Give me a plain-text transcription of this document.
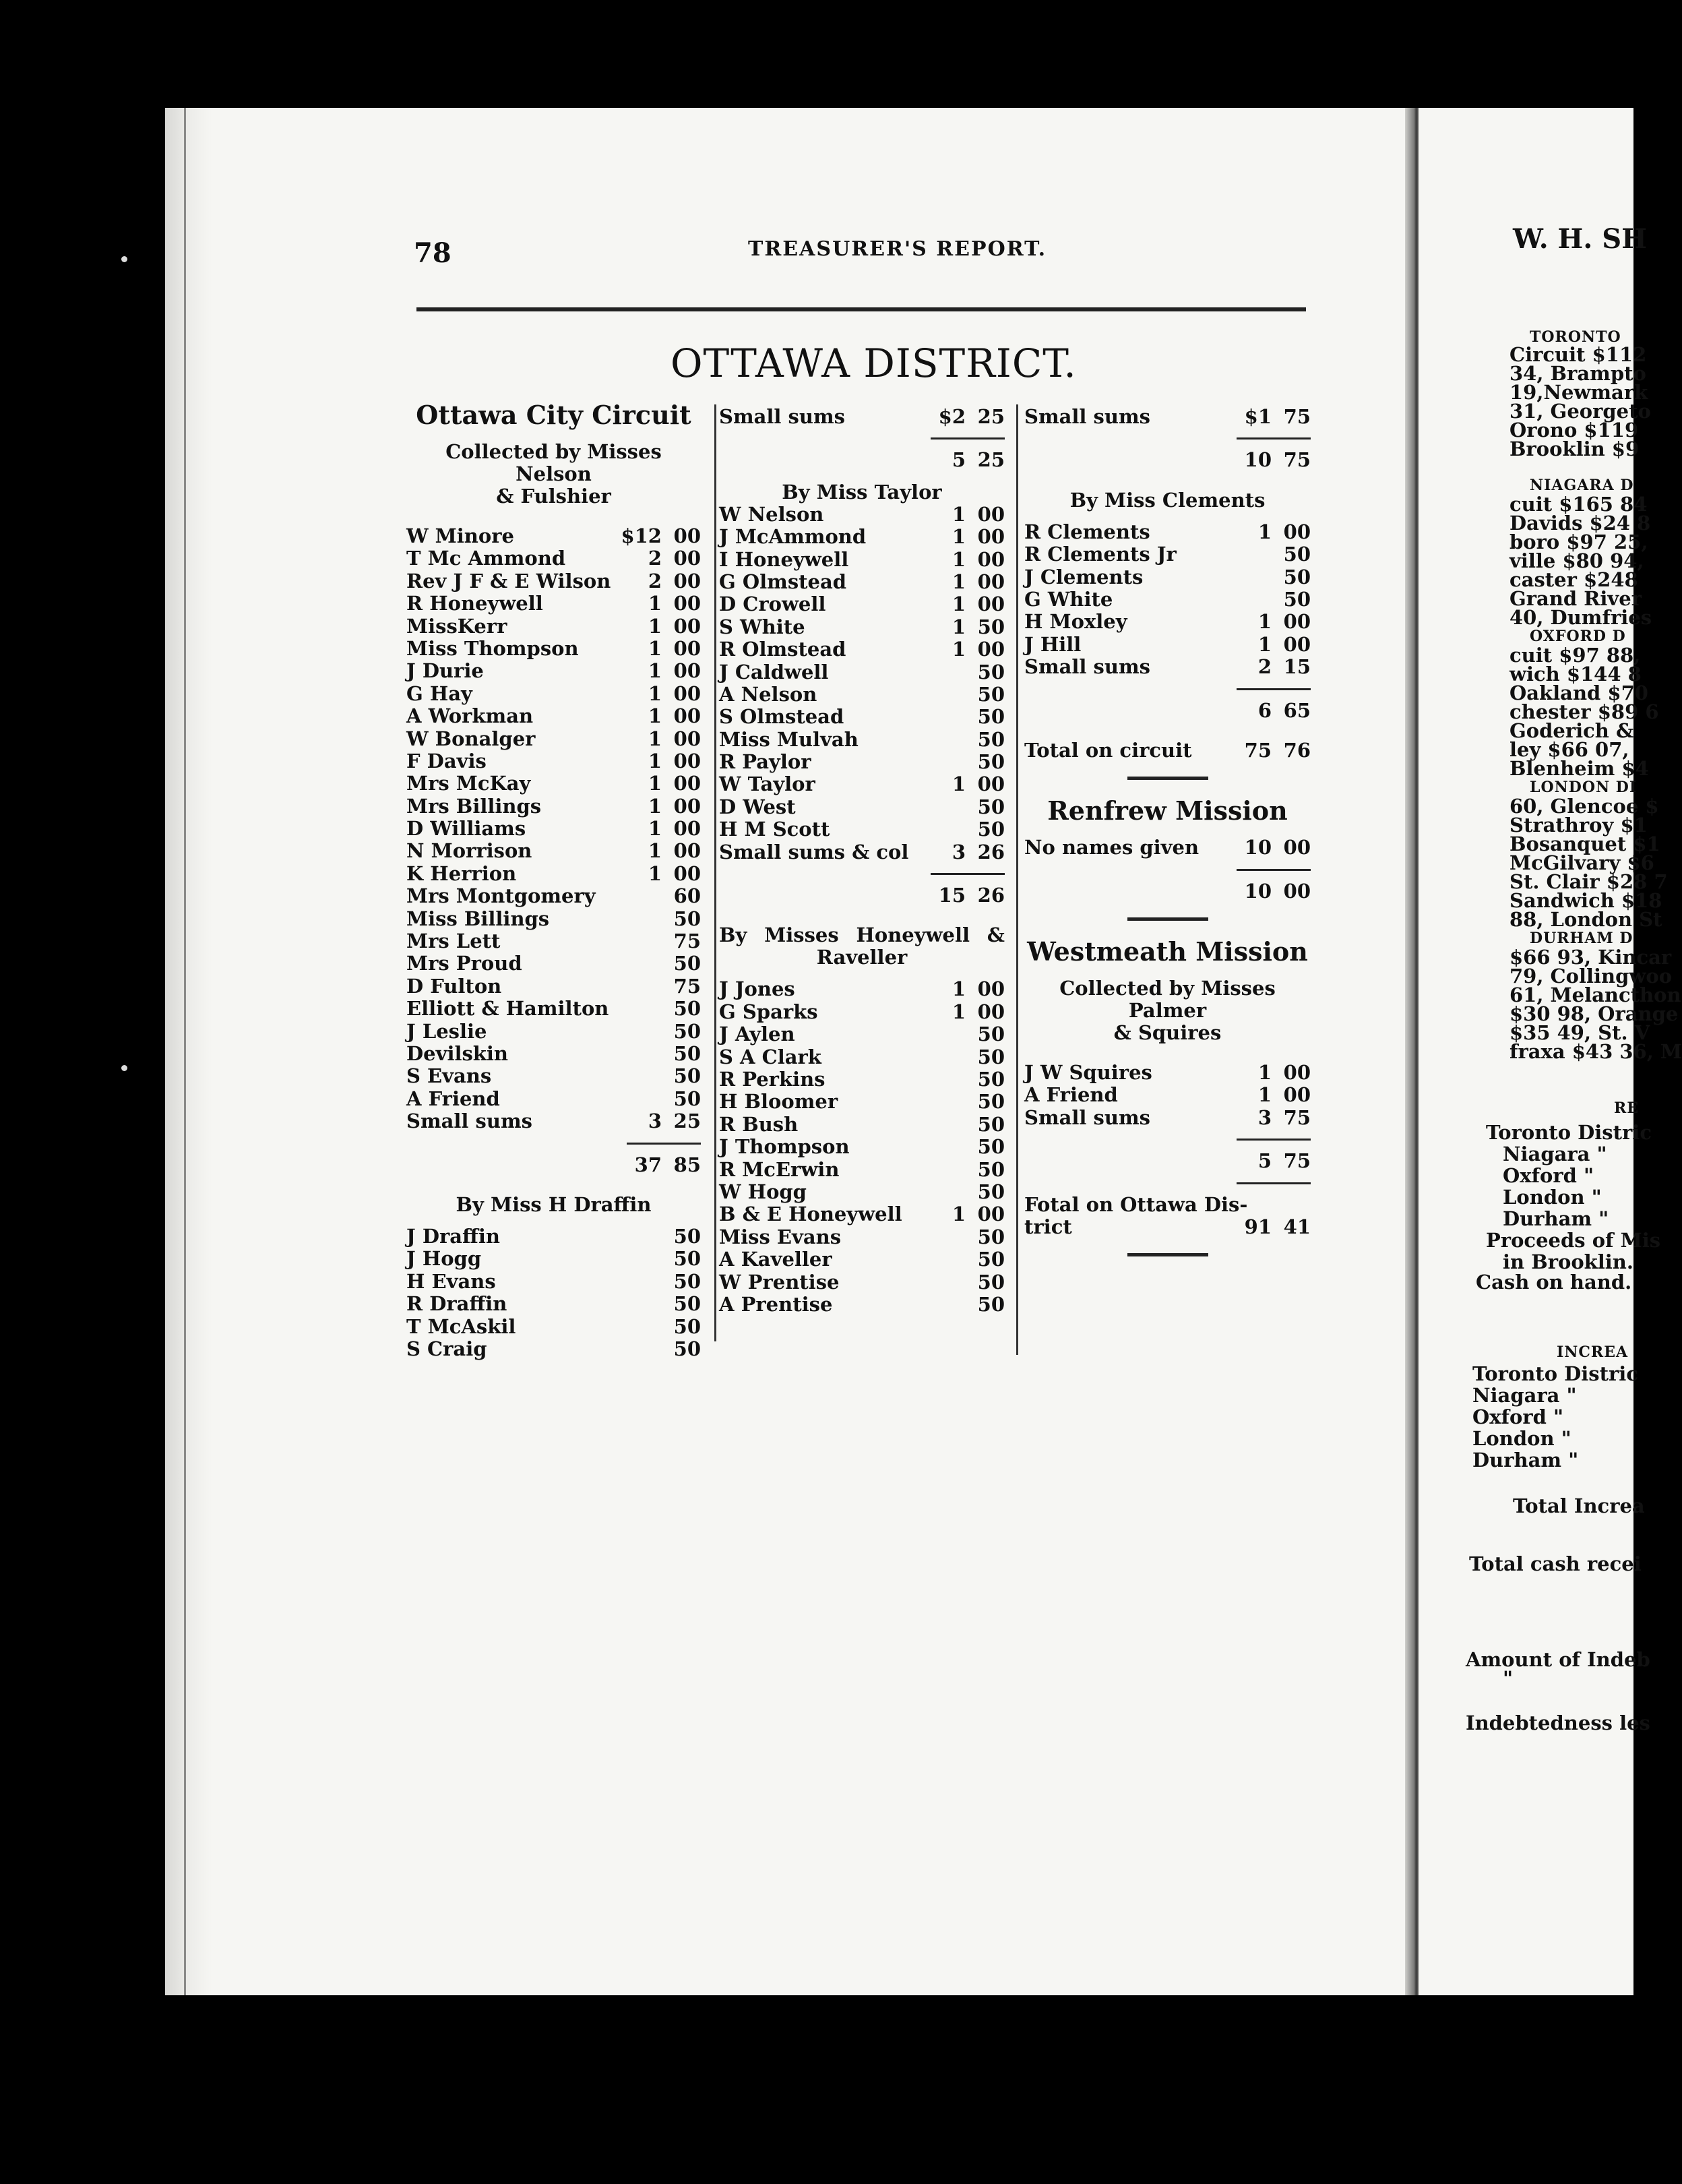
78	TREASURER'S REPORT.
OTTAWA DISTRICT.
Ottawa City Circuit
Collected by Misses Nelson
& Fulshier
W Minore	$12 00
T Mc Ammond	2 00
Rev J F & E Wilson 2 00
R Honeywell	1 00
MissKerr	1 00
Miss Thompson	1 00
J Durie	1 00
G Hay	1 00
A Workman	1 00
W Bonalger	1 00
F Davis	1 00
Mrs McKay	1 00
Mrs Billings	1 00
D Williams	1 00
N Morrison	1 00
K Herrion	1 00
Mrs Montgomery	60
Miss Billings	50
Mrs Lett	75
Mrs Proud	50
D Fulton	75
Elliott & Hamilton	50
J Leslie	50
Devilskin	50
S Evans	50
A Friend	50
Small sums	3 25
37 85
By Miss H Draffin
J Draffin	50
J Hogg	50
H Evans	50
R Draffin	50
T McAskil	50
S Craig	50
Small sums	$2 25
5 25
By Miss Taylor
W Nelson	1 00
J McAmmond	1 00
I Honeywell	1 00
G Olmstead	1 00
D Crowell	1 00
S White	1 50
R Olmstead	1 00
J Caldwell	50
A Nelson	50
S Olmstead	50
Miss Mulvah	50
R Paylor	50
W Taylor	1 00
D West	50
H M Scott	50
Small sums & col 3 26
15 26
By Misses Honeywell &
Raveller
J Jones	1 00
G Sparks	1 00
J Aylen	50
S A Clark	50
R Perkins	50
H Bloomer	50
R Bush	50
J Thompson	50
R McErwin	50
W Hogg	50
B & E Honeywell	1 00
Miss Evans	50
A Kaveller	50
W Prentise	50
A Prentise	50
Small sums	$1 75
10 75
By Miss Clements
R Clements	1 00
R Clements Jr	50
J Clements	50
G White	50
H Moxley	1 00
J Hill	1 00
Small sums	2 15
6 65
Total on circuit	75 76
Renfrew Mission
No names given 10 00
10 00
Westmeath Mission
Collected by Misses Palmer
& Squires
J W Squires	1 00
A Friend	1 00
Small sums	3 75
5 75
Fotal on Ottawa Dis-
trict	91 41
W. H. SH
TORONTO
Circuit $112
34, Brampto
19,Newmark
31, Georgeto
Orono $119
Brooklin $9
NIAGARA D
cuit $165 84
Davids $24 8
boro $97 25,
ville $80 94,
caster $248
Grand River
40, Dumfries
OXFORD D
cuit $97 88,
wich $144 8
Oakland $70
chester $89 6
Goderich &
ley $66 07,
Blenheim $4
LONDON DI
60, Glencoe $
Strathroy $1
Bosanquet $1
McGilvary $6
St. Clair $28 7
Sandwich $18
88, London St
DURHAM D
$66 93, Kincar
79, Collingwoo
61, Melancthon
$30 98, Orange
$35 49, St. V
fraxa $43 36, M
RE
Toronto Distric
Niagara "
Oxford "
London "
Durham "
Proceeds of Mis
in Brooklin.
Cash on hand.
INCREA
Toronto Distric
Niagara "
Oxford "
London "
Durham "
Total Increa
Total cash recei
Amount of Indeb
"
Indebtedness les
